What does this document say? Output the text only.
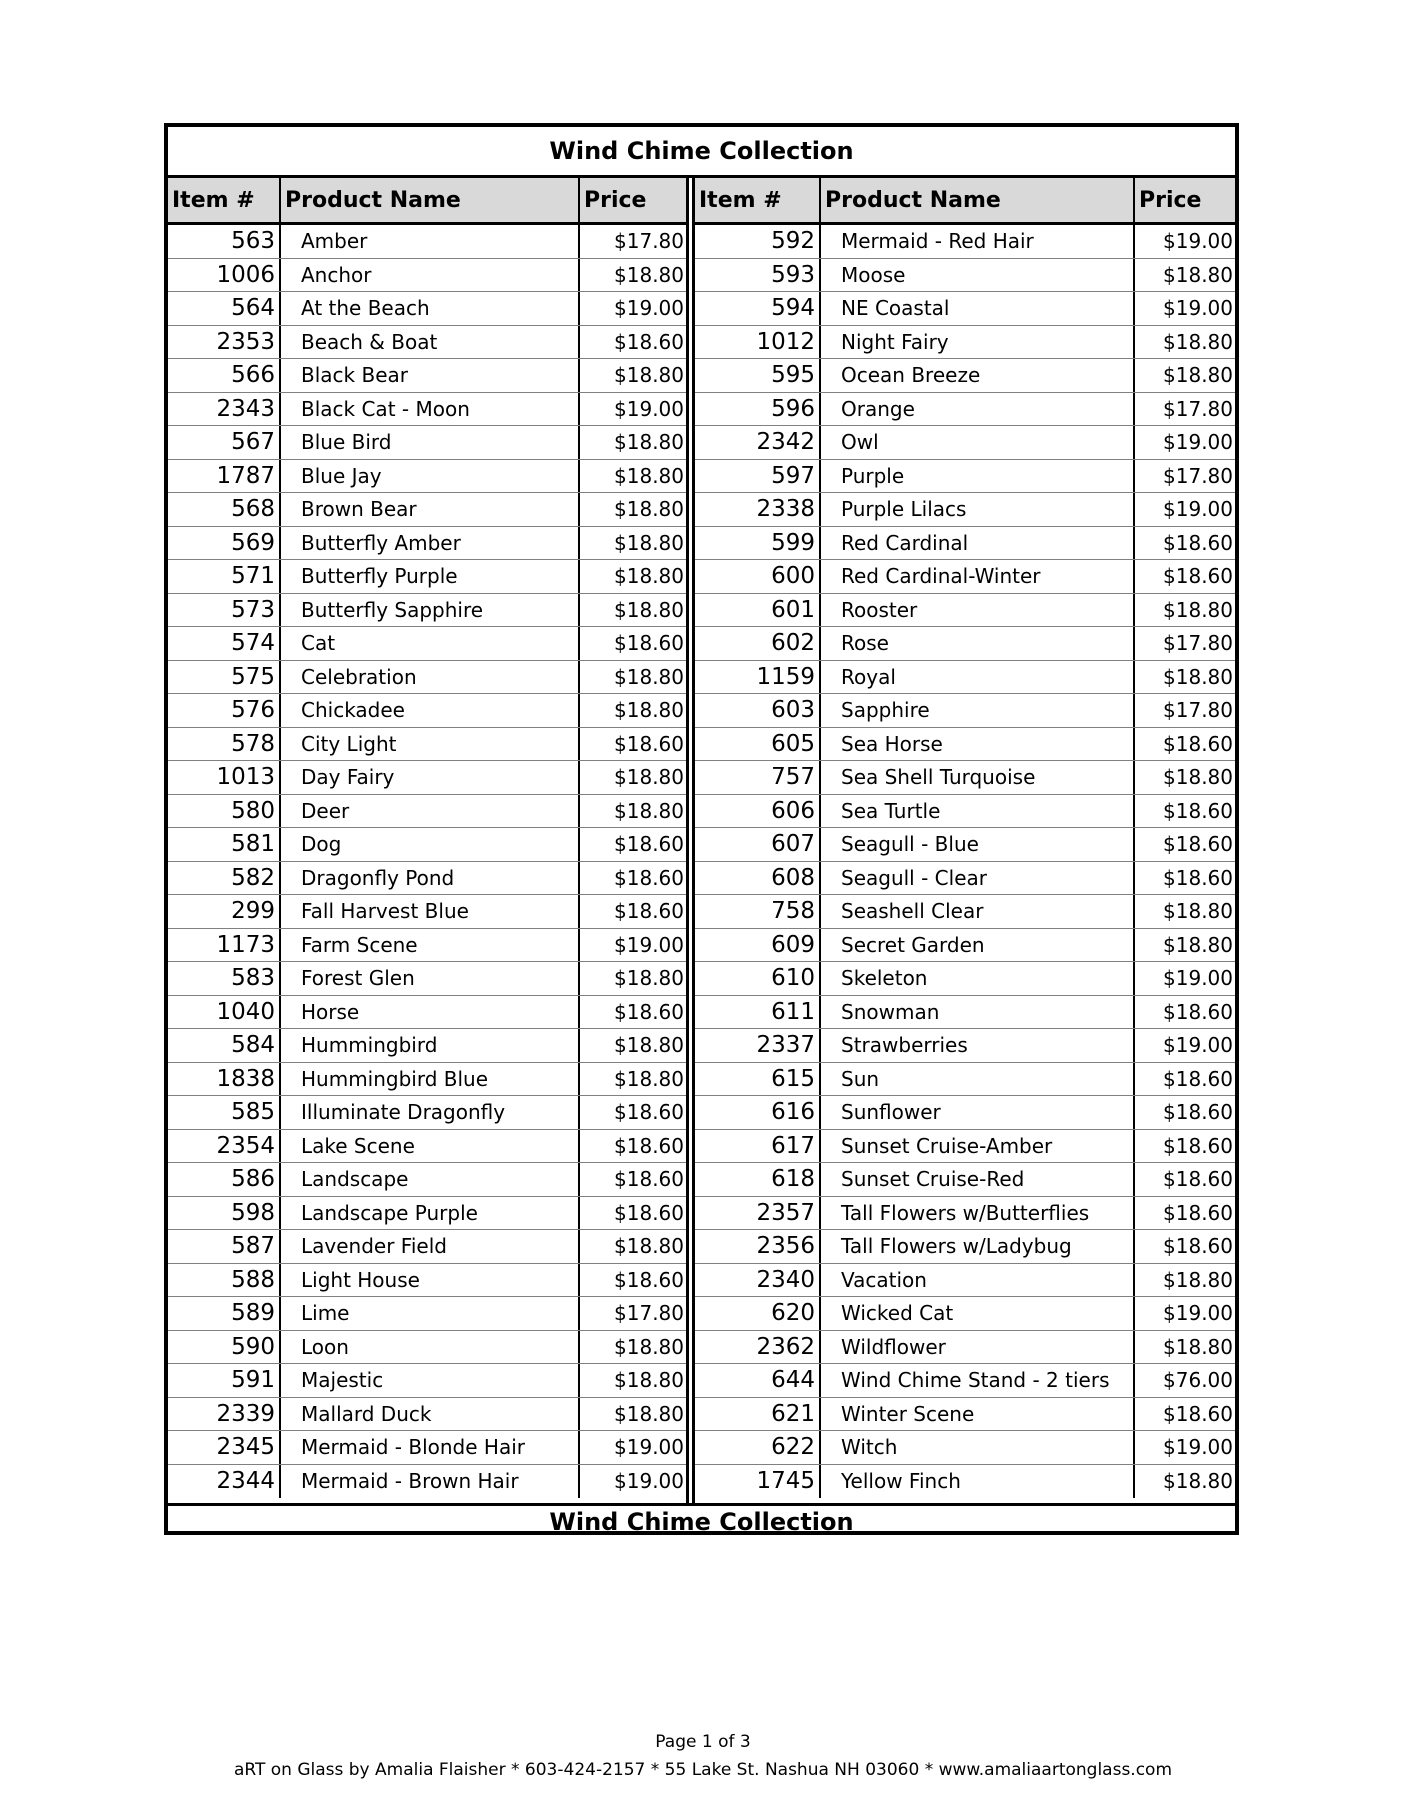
Wind Chime Collection
Item #	Product Name	Price
563	Amber	$17.80
1006	Anchor	$18.80
564	At the Beach	$19.00
2353	Beach & Boat	$18.60
566	Black Bear	$18.80
2343	Black Cat - Moon	$19.00
567	Blue Bird	$18.80
1787	Blue Jay	$18.80
568	Brown Bear	$18.80
569	Butterfly Amber	$18.80
571	Butterfly Purple	$18.80
573	Butterfly Sapphire	$18.80
574	Cat	$18.60
575	Celebration	$18.80
576	Chickadee	$18.80
578	City Light	$18.60
1013	Day Fairy	$18.80
580	Deer	$18.80
581	Dog	$18.60
582	Dragonfly Pond	$18.60
299	Fall Harvest Blue	$18.60
1173	Farm Scene	$19.00
583	Forest Glen	$18.80
1040	Horse	$18.60
584	Hummingbird	$18.80
1838	Hummingbird Blue	$18.80
585	Illuminate Dragonfly	$18.60
2354	Lake Scene	$18.60
586	Landscape	$18.60
598	Landscape Purple	$18.60
587	Lavender Field	$18.80
588	Light House	$18.60
589	Lime	$17.80
590	Loon	$18.80
591	Majestic	$18.80
2339	Mallard Duck	$18.80
2345	Mermaid - Blonde Hair	$19.00
2344	Mermaid - Brown Hair	$19.00
Item #	Product Name	Price
592	Mermaid - Red Hair	$19.00
593	Moose	$18.80
594	NE Coastal	$19.00
1012	Night Fairy	$18.80
595	Ocean Breeze	$18.80
596	Orange	$17.80
2342	Owl	$19.00
597	Purple	$17.80
2338	Purple Lilacs	$19.00
599	Red Cardinal	$18.60
600	Red Cardinal-Winter	$18.60
601	Rooster	$18.80
602	Rose	$17.80
1159	Royal	$18.80
603	Sapphire	$17.80
605	Sea Horse	$18.60
757	Sea Shell Turquoise	$18.80
606	Sea Turtle	$18.60
607	Seagull - Blue	$18.60
608	Seagull - Clear	$18.60
758	Seashell Clear	$18.80
609	Secret Garden	$18.80
610	Skeleton	$19.00
611	Snowman	$18.60
2337	Strawberries	$19.00
615	Sun	$18.60
616	Sunflower	$18.60
617	Sunset Cruise-Amber	$18.60
618	Sunset Cruise-Red	$18.60
2357	Tall Flowers w/Butterflies	$18.60
2356	Tall Flowers w/Ladybug	$18.60
2340	Vacation	$18.80
620	Wicked Cat	$19.00
2362	Wildflower	$18.80
644	Wind Chime Stand - 2 tiers	$76.00
621	Winter Scene	$18.60
622	Witch	$19.00
1745	Yellow Finch	$18.80
Wind Chime Collection
Page 1 of 3
aRT on Glass by Amalia Flaisher * 603-424-2157 * 55 Lake St. Nashua NH 03060 * www.amaliaartonglass.com
